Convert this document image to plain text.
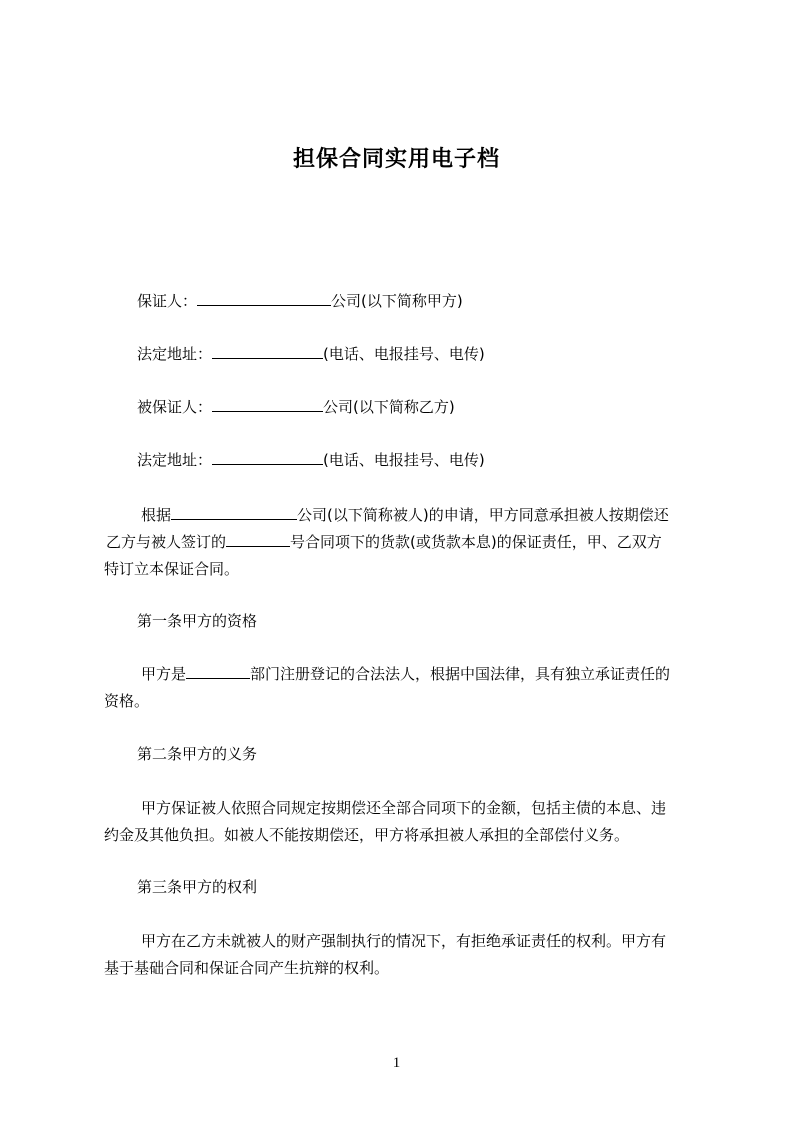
担保合同实用电子档
保证人：	公司(以下简称甲方)
法定地址：	(电话、电报挂号、电传)
被保证人：	公司(以下简称乙方)
法定地址：	(电话、电报挂号、电传)
根据	公司(以下简称被人)的申请，甲方同意承担被人按期偿还
乙方与被人签订的	号合同项下的货款(或货款本息)的保证责任，甲、乙双方
特订立本保证合同。
第一条甲方的资格
甲方是	部门注册登记的合法法人，根据中国法律，具有独立承证责任的
资格。
第二条甲方的义务
甲方保证被人依照合同规定按期偿还全部合同项下的金额，包括主债的本息、违
约金及其他负担。如被人不能按期偿还，甲方将承担被人承担的全部偿付义务。
第三条甲方的权利
甲方在乙方未就被人的财产强制执行的情况下，有拒绝承证责任的权利。甲方有
基于基础合同和保证合同产生抗辩的权利。
1
